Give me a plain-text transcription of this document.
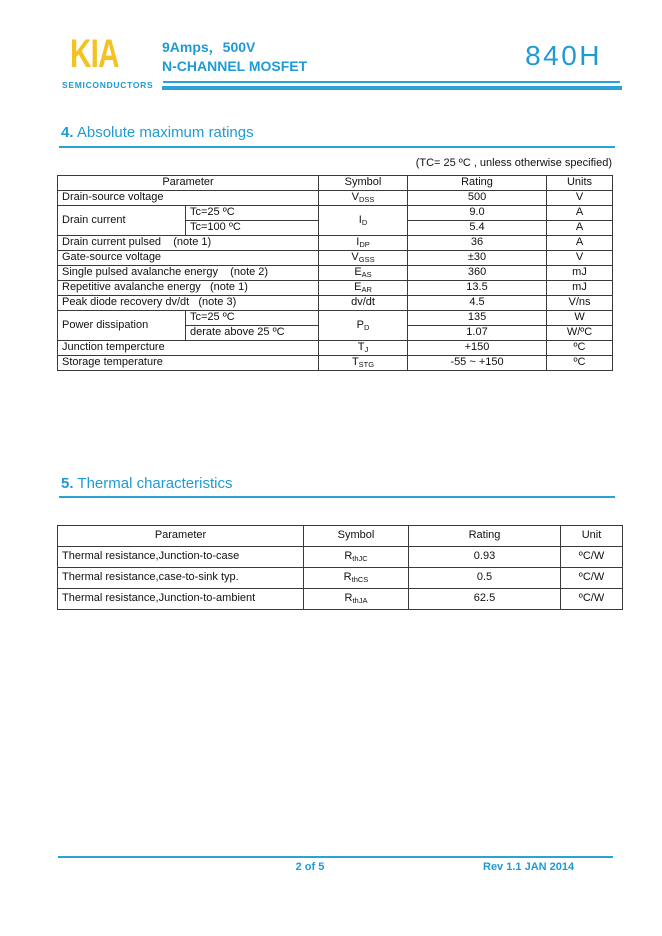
KIA
SEMICONDUCTORS
9Amps，500V
N-CHANNEL MOSFET	840H
4. Absolute maximum ratings
(TC= 25 ºC , unless otherwise specified)
Parameter		Symbol	Rating	Units
Drain-source voltage		$V_{DSS}$	500	V
Drain current	Tc=25 ºC	$I_D$	9.0	A
	Tc=100 ºC		5.4	A
Drain current pulsed    (note 1)		$I_{DP}$	36	A
Gate-source voltage		$V_{GSS}$	±30	V
Single pulsed avalanche energy    (note 2)		$E_{AS}$	360	mJ
Repetitive avalanche energy   (note 1)		$E_{AR}$	13.5	mJ
Peak diode recovery dv/dt   (note 3)		dv/dt	4.5	V/ns
Power dissipation	Tc=25 ºC	$P_D$	135	W
	derate above 25 ºC		1.07	W/ºC
Junction tempercture		$T_J$	+150	ºC
Storage temperature		$T_{STG}$	-55 ~ +150	ºC
5. Thermal characteristics
Parameter	Symbol	Rating	Unit
Thermal resistance,Junction-to-case	$R_{thJC}$	0.93	ºC/W
Thermal resistance,case-to-sink typ.	$R_{thCS}$	0.5	ºC/W
Thermal resistance,Junction-to-ambient	$R_{thJA}$	62.5	ºC/W
2 of 5	Rev 1.1 JAN 2014
